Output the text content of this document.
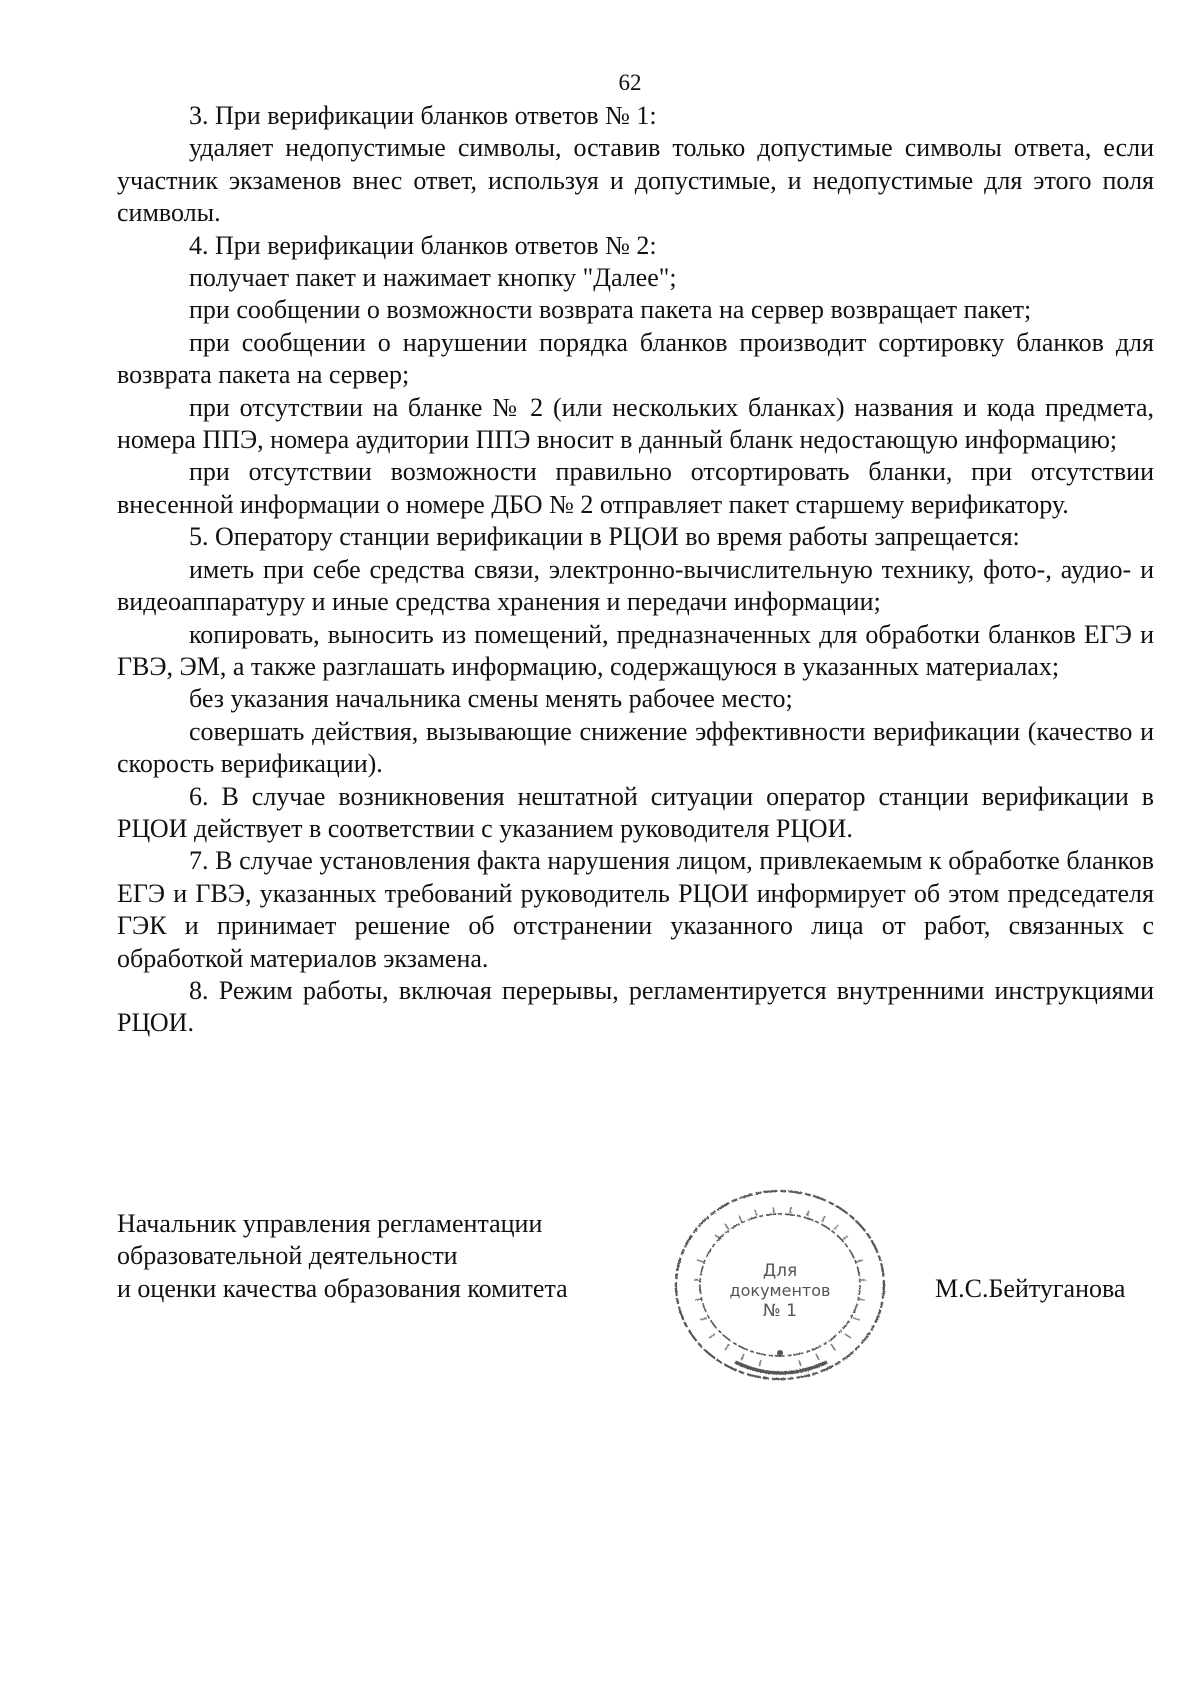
62

3. При верификации бланков ответов № 1:

удаляет недопустимые символы, оставив только допустимые символы ответа, если участник экзаменов внес ответ, используя и допустимые, и недопустимые для этого поля символы.

4. При верификации бланков ответов № 2:

получает пакет и нажимает кнопку "Далее";

при сообщении о возможности возврата пакета на сервер возвращает пакет;

при сообщении о нарушении порядка бланков производит сортировку бланков для возврата пакета на сервер;

при отсутствии на бланке № 2 (или нескольких бланках) названия и кода предмета, номера ППЭ, номера аудитории ППЭ вносит в данный бланк недостающую информацию;

при отсутствии возможности правильно отсортировать бланки, при отсутствии внесенной информации о номере ДБО № 2 отправляет пакет старшему верификатору.

5. Оператору станции верификации в РЦОИ во время работы запрещается:

иметь при себе средства связи, электронно-вычислительную технику, фото-, аудио- и видеоаппаратуру и иные средства хранения и передачи информации;

копировать, выносить из помещений, предназначенных для обработки бланков ЕГЭ и ГВЭ, ЭМ, а также разглашать информацию, содержащуюся в указанных материалах;

без указания начальника смены менять рабочее место;

совершать действия, вызывающие снижение эффективности верификации (качество и скорость верификации).

6. В случае возникновения нештатной ситуации оператор станции верификации в РЦОИ действует в соответствии с указанием руководителя РЦОИ.

7. В случае установления факта нарушения лицом, привлекаемым к обработке бланков ЕГЭ и ГВЭ, указанных требований руководитель РЦОИ информирует об этом председателя ГЭК и принимает решение об отстранении указанного лица от работ, связанных с обработкой материалов экзамена.

8. Режим работы, включая перерывы, регламентируется внутренними инструкциями РЦОИ.

Начальник управления регламентации
образовательной деятельности
и оценки качества образования комитета
Для
документов
№ 1
М.С.Бейтуганова
